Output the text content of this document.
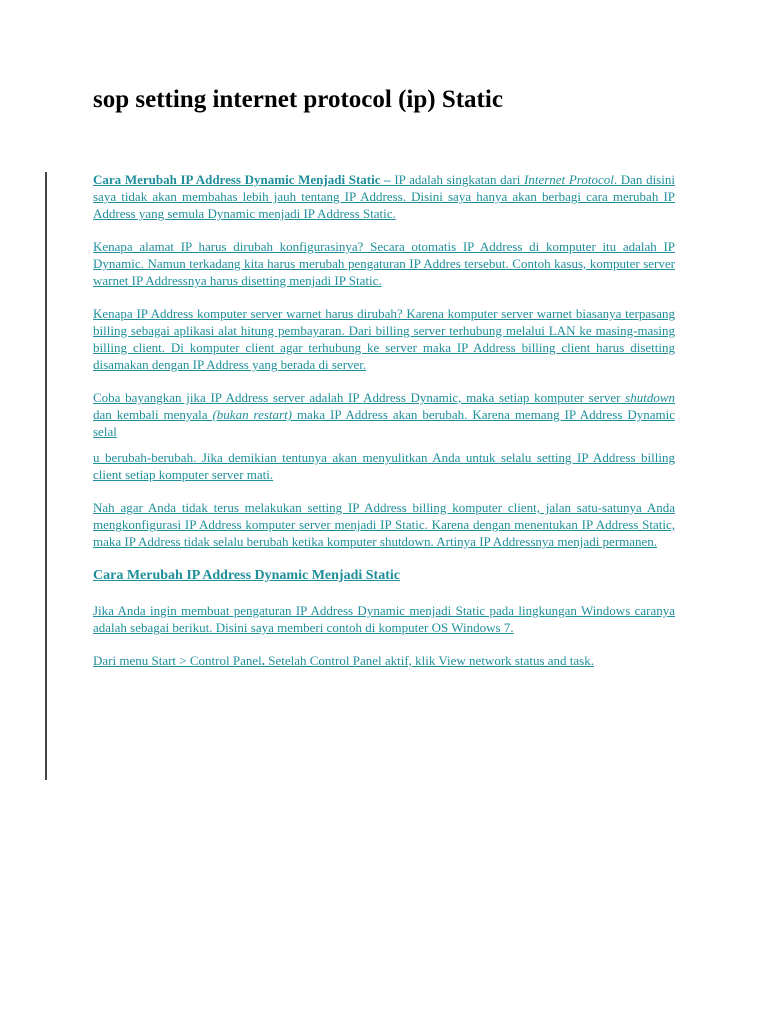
sop setting internet protocol (ip) Static

Cara Merubah IP Address Dynamic Menjadi Static – IP adalah singkatan dari Internet Protocol. Dan disini saya tidak akan membahas lebih jauh tentang IP Address. Disini saya hanya akan berbagi cara merubah IP Address yang semula Dynamic menjadi IP Address Static.

Kenapa alamat IP harus dirubah konfigurasinya? Secara otomatis IP Address di komputer itu adalah IP Dynamic. Namun terkadang kita harus merubah pengaturan IP Addres tersebut. Contoh kasus, komputer server warnet IP Addressnya harus disetting menjadi IP Static.

Kenapa IP Address komputer server warnet harus dirubah? Karena komputer server warnet biasanya terpasang billing sebagai aplikasi alat hitung pembayaran. Dari billing server terhubung melalui LAN ke masing-masing billing client. Di komputer client agar terhubung ke server maka IP Address billing client harus disetting disamakan dengan IP Address yang berada di server.

Coba bayangkan jika IP Address server adalah IP Address Dynamic, maka setiap komputer server shutdown dan kembali menyala (bukan restart) maka IP Address akan berubah. Karena memang IP Address Dynamic selal

u berubah-berubah. Jika demikian tentunya akan menyulitkan Anda untuk selalu setting IP Address billing client setiap komputer server mati.

Nah agar Anda tidak terus melakukan setting IP Address billing komputer client, jalan satu-satunya Anda mengkonfigurasi IP Address komputer server menjadi IP Static. Karena dengan menentukan IP Address Static, maka IP Address tidak selalu berubah ketika komputer shutdown. Artinya IP Addressnya menjadi permanen.

Cara Merubah IP Address Dynamic Menjadi Static

Jika Anda ingin membuat pengaturan IP Address Dynamic menjadi Static pada lingkungan Windows caranya adalah sebagai berikut. Disini saya memberi contoh di komputer OS Windows 7.

Dari menu Start > Control Panel. Setelah Control Panel aktif, klik View network status and task.
